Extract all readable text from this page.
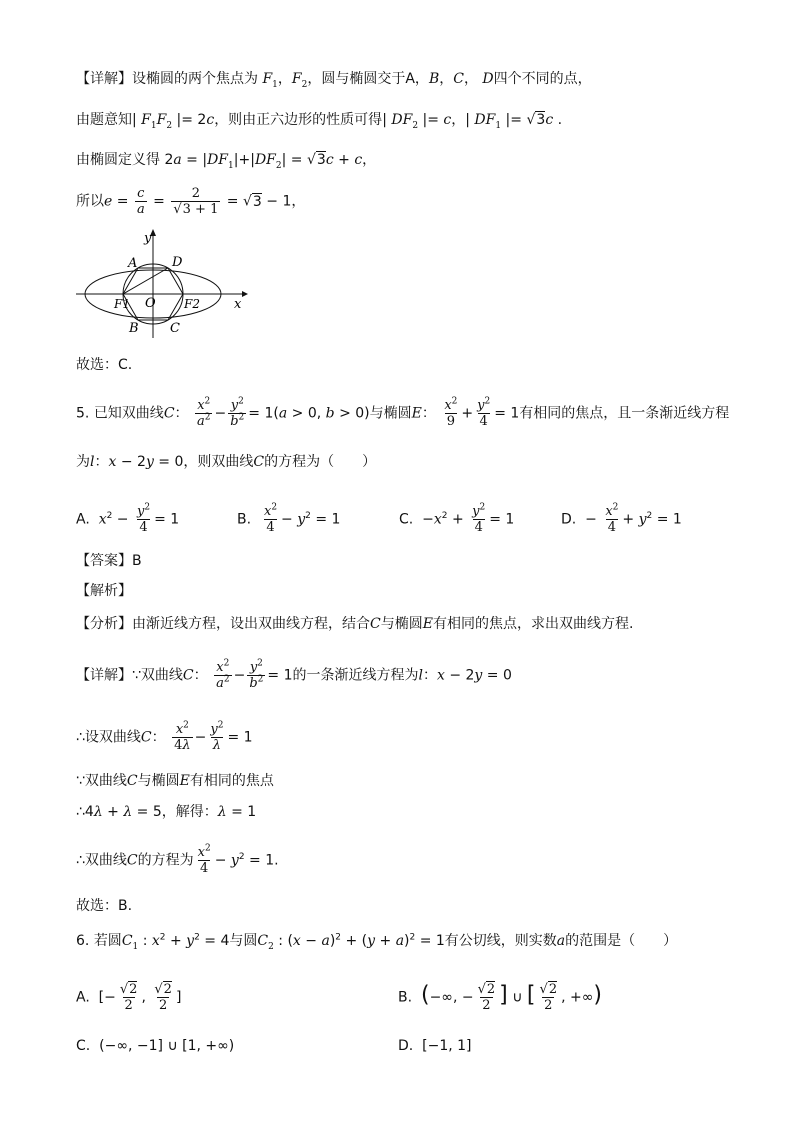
【详解】设椭圆的两个焦点为 $F_1$，$F_2$，圆与椭圆交于A，B，C， D四个不同的点，
由题意知| $F_1F_2$ |= 2c，则由正六边形的性质可得| $DF_2$ |= c，| $DF_1$ |= √3c .
由椭圆定义得 $2a = |DF_1|+|DF_2| = √3c + c$，
所以$e = \frac{c}{a} = \frac{2}{√3 + 1} = √3 - 1$，
y
x
A	D
O
F1	F2
B C
故选：C.
5. 已知双曲线C： $\frac{x^2}{a^2} - \frac{y^2}{b^2} = 1(a > 0$, b > 0)与椭圆E： $\frac{x^2}{9} + \frac{y^2}{4} = 1$有相同的焦点，且一条渐近线方程
为l：x − 2y = 0，则双曲线C的方程为（　　）
A. $x^2 - \frac{y^2}{4} = 1$	B. $\frac{x^2}{4} - y^2 = 1$	C.  $-x^2 + \frac{y^2}{4} = 1$	D.  − $\frac{x^2}{4} + y^2 = 1$
【答案】B
【解析】
【分析】由渐近线方程，设出双曲线方程，结合C与椭圆E有相同的焦点，求出双曲线方程.
【详解】∵双曲线C： $\frac{x^2}{a^2} - \frac{y^2}{b^2} = 1$的一条渐近线方程为l：x − 2y = 0
∴设双曲线C： $\frac{x^2}{4\lambda} - \frac{y^2}{\lambda} = 1$
∵双曲线C与椭圆E有相同的焦点
∴4λ + λ = 5，解得：λ = 1
∴双曲线C的方程为 $\frac{x^2}{4} - y^2 = 1$.
故选：B.
6. 若圆$C_1$ : $x^2 + y^2 = 4$与圆$C_2$ : $(x - a)^2 + (y + a)^2 = 1$有公切线，则实数a的范围是（　　）
A.  [− $\frac{√2}{2}$ , $\frac{√2}{2}$ ]	B. (−∞, − $\frac{√2}{2}$ ] ∪ [ $\frac{√2}{2}$ , +∞)
C.  (−∞, −1] ∪ [1, +∞)	D.  [−1, 1]
